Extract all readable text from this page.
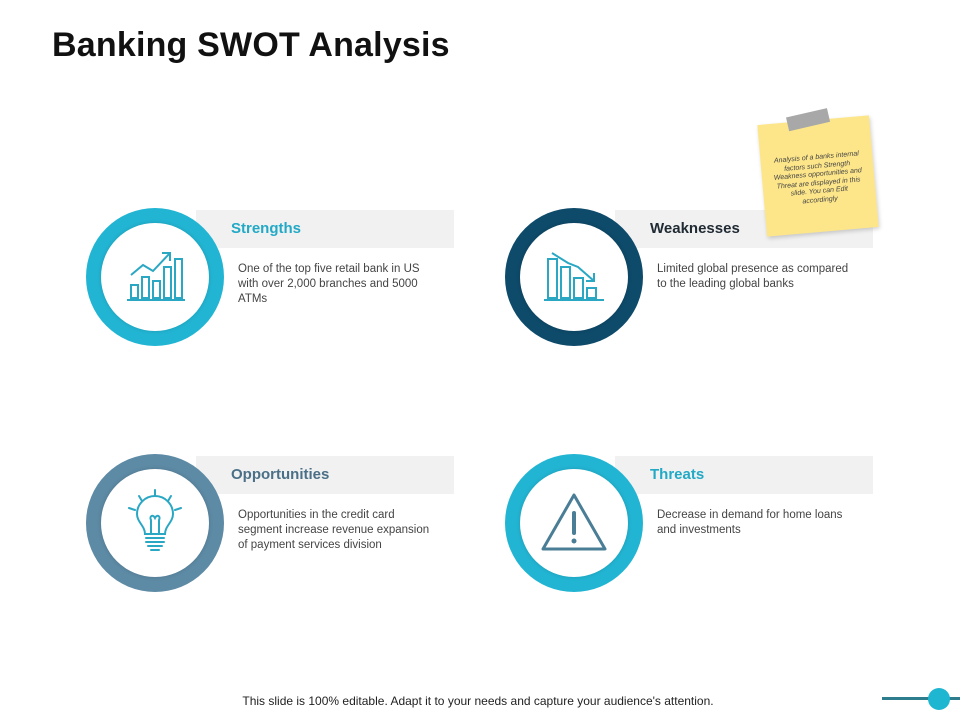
Banking SWOT Analysis
Strengths
One of the top five retail bank in US with over 2,000 branches and 5000 ATMs
Weaknesses
Limited global presence as compared to the leading global banks
Opportunities
Opportunities in the credit card segment increase revenue expansion of payment services division
Threats
Decrease in demand for home loans and investments
Analysis of a banks internal factors such Strength Weakness opportunities and Threat are displayed in this slide. You can Edit accordingly
This slide is 100% editable. Adapt it to your needs and capture your audience's attention.
